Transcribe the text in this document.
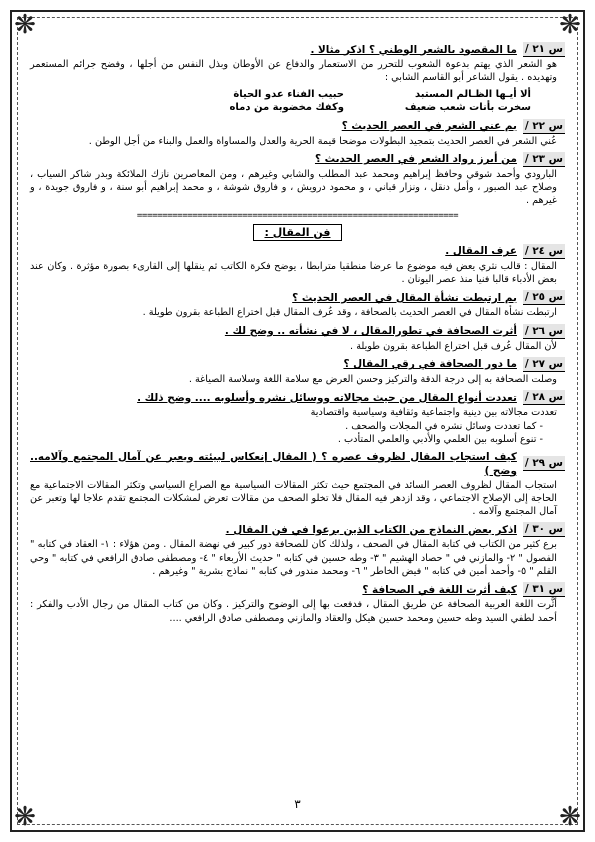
❋	❋
❋	❋
س ٢١ /
ما المقصود بالشعر الوطني ؟ اذكر مثالا .
هو الشعر الذي يهتم بدعوة الشعوب للتحرر من الاستعمار والدفاع عن الأوطان وبذل النفس من أجلها ، وفضح جرائم المستعمر وتهديده . يقول الشاعر أبو القاسم الشابي :
ألا أيـها الظـالم المستبد
حبيب الفناء عدو الحياة
سخرت بأنات شعب ضعيف
وكفك مخضوبة من دماه
س ٢٢ /
بم عني الشعر في العصر الحديث ؟
عُني الشعر في العصر الحديث بتمجيد البطولات موضحا قيمة الحرية والعدل والمساواة والعمل والبناء من أجل الوطن .
س ٢٣ /
من أبرز رواد الشعر في العصر الحديث ؟
البارودي وأحمد شوقي وحافظ إبراهيم ومحمد عبد المطلب والشابي وغيرهم ، ومن المعاصرين نازك الملائكة وبدر شاكر السياب ، وصلاح عبد الصبور ، وأمل دنقل ، ونزار قباني ، و محمود درويش ، و فاروق شوشة ، و محمد إبراهيم أبو سنة ، و فاروق جويدة ، و غيرهم .
================================================================
فن المقال :
س ٢٤ /
عرف المقال .
المقال : قالب نثري يعض فيه موضوع ما عرضا منطقيا مترابطا ، يوضح فكرة الكاتب ثم ينقلها إلى القارىء بصورة مؤثرة . وكان عند بعض الأدباء قالبا فنيا منذ عصر اليونان .
س ٢٥ /
بم ارتبطت نشأة المقال في العصر الحديث ؟
ارتبطت نشأة المقال في العصر الحديث بالصحافة ، وقد عُرف المقال قبل اختراع الطباعة بقرون طويلة .
س ٢٦ /
أثرت الصحافة في تطورالمقال ، لا في نشأته .. وضح لك .
لأن المقال عُرف قبل اختراع الطباعة بقرون طويلة .
س ٢٧ /
ما دور الصحافة في رقي المقال ؟
وصلت الصحافة به إلى درجة الدقة والتركيز وحسن العرض مع سلامة اللغة وسلاسة الصياغة .
س ٢٨ /
تعددت أنواع المقال من حيث مجالاته ووسائل نشره وأسلوبه .... وضح ذلك .
تعددت مجالاته بين دينية واجتماعية وثقافية وسياسية واقتصادية
- كما تعددت وسائل نشره في المجلات والصحف .
- تنوع أسلوبه بين العلمي والأدبي والعلمي المتأدب .
س ٢٩ /
كيف استجاب المقال لظروف عصره ؟ ( المقال إنعكاس لبيئته ويعبر عن آمال المجتمع وآلامه.. وضح )
استجاب المقال لظروف العصر السائد في المجتمع حيث تكثر المقالات السياسية مع الصراع السياسي وتكثر المقالات الاجتماعية مع الحاجة إلى الإصلاح الاجتماعي ، وقد ازدهر فيه المقال فلا تخلو الصحف من مقالات تعرض لمشكلات المجتمع تقدم علاجا لها وتعبر عن آمال المجتمع وآلامه .
س ٣٠ /
اذكر بعض النماذج من الكتاب الذين برعوا في فن المقال .
برع كثير من الكتاب في كتابة المقال في الصحف ، ولذلك كان للصحافة دور كبير في نهضة المقال . ومن هؤلاء : ١- العقاد في كتابه " الفصول " ٢- والمازني في " حصاد الهشيم " ٣- وطه حسين في كتابه " حديث الأربعاء " ٤- ومصطفى صادق الرافعي في كتابه " وحي القلم " ٥- وأحمد أمين في كتابه " فيض الخاطر " ٦- ومحمد مندور في كتابه " نماذج بشرية " وغيرهم .
س ٣١ /
كيف أثرت اللغة في الصحافة ؟
أثَّرت اللغة العربية الصحافة عن طريق المقال ، فدفعت بها إلى الوضوح والتركيز . وكان من كتاب المقال من رجال الأدب والفكر : أحمد لطفي السيد وطه حسين ومحمد حسين هيكل والعقاد والمازني ومصطفى صادق الرافعي ....
٣
